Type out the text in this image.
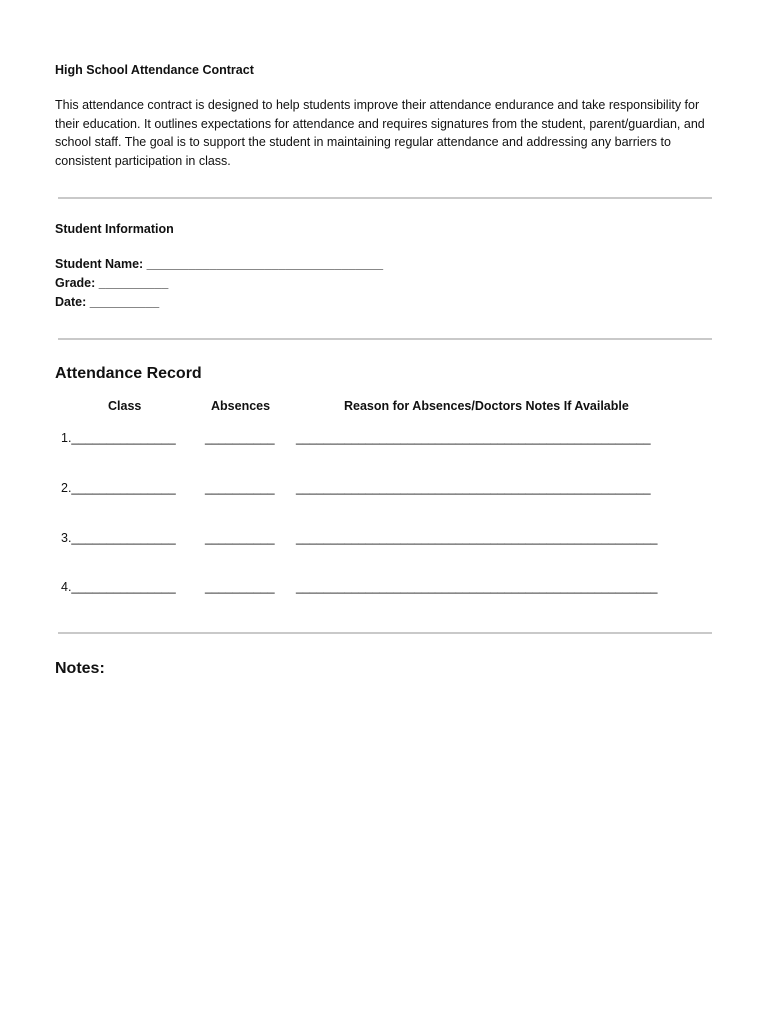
High School Attendance Contract

This attendance contract is designed to help students improve their attendance endurance and take responsibility for their education. It outlines expectations for attendance and requires signatures from the student, parent/guardian, and school staff. The goal is to support the student in maintaining regular attendance and addressing any barriers to consistent participation in class.

Student Information
Student Name: __________________________________
Grade: __________
Date: __________
Attendance Record
Class	Absences	Reason for Absences/Doctors Notes If Available
1._______________ __________ ___________________________________________________
2._______________ __________ ___________________________________________________
3._______________ __________ ____________________________________________________
4._______________ __________ ____________________________________________________
Notes:
